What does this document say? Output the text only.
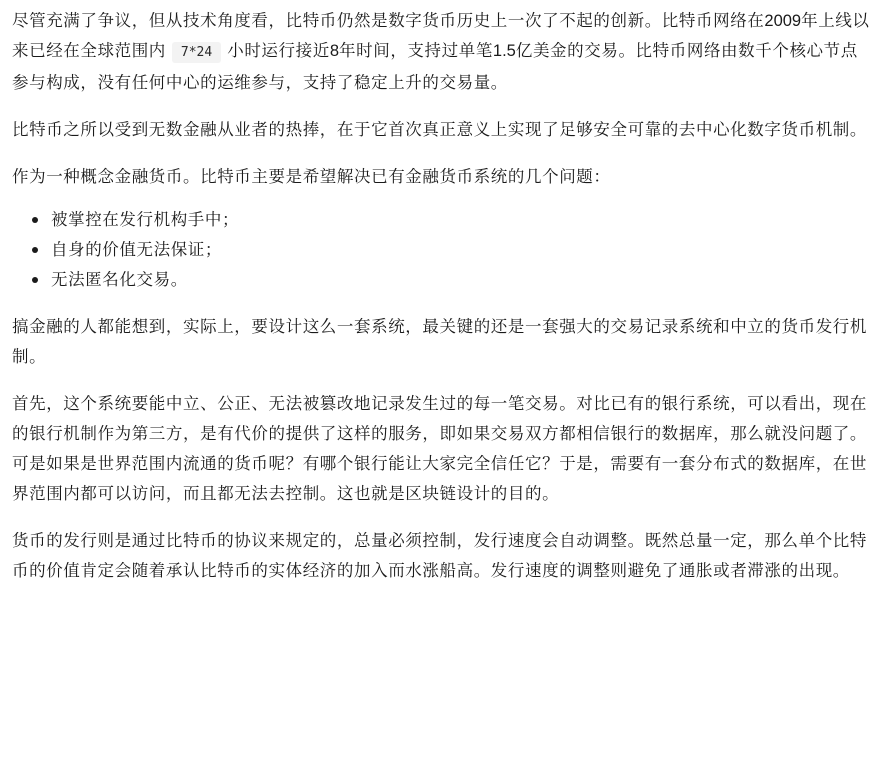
尽管充满了争议，但从技术角度看，比特币仍然是数字货币历史上一次了不起的创新。比特币网络在2009年上线以来已经在全球范围内 7*24 小时运行接近8年时间，支持过单笔1.5亿美金的交易。比特币网络由数千个核心节点参与构成，没有任何中心的运维参与，支持了稳定上升的交易量。

比特币之所以受到无数金融从业者的热捧，在于它首次真正意义上实现了足够安全可靠的去中心化数字货币机制。

作为一种概念金融货币。比特币主要是希望解决已有金融货币系统的几个问题：

被掌控在发行机构手中；
自身的价值无法保证；
无法匿名化交易。

搞金融的人都能想到，实际上，要设计这么一套系统，最关键的还是一套强大的交易记录系统和中立的货币发行机制。

首先，这个系统要能中立、公正、无法被篡改地记录发生过的每一笔交易。对比已有的银行系统，可以看出，现在的银行机制作为第三方，是有代价的提供了这样的服务，即如果交易双方都相信银行的数据库，那么就没问题了。可是如果是世界范围内流通的货币呢？有哪个银行能让大家完全信任它？于是，需要有一套分布式的数据库，在世界范围内都可以访问，而且都无法去控制。这也就是区块链设计的目的。

货币的发行则是通过比特币的协议来规定的，总量必须控制，发行速度会自动调整。既然总量一定，那么单个比特币的价值肯定会随着承认比特币的实体经济的加入而水涨船高。发行速度的调整则避免了通胀或者滞涨的出现。
